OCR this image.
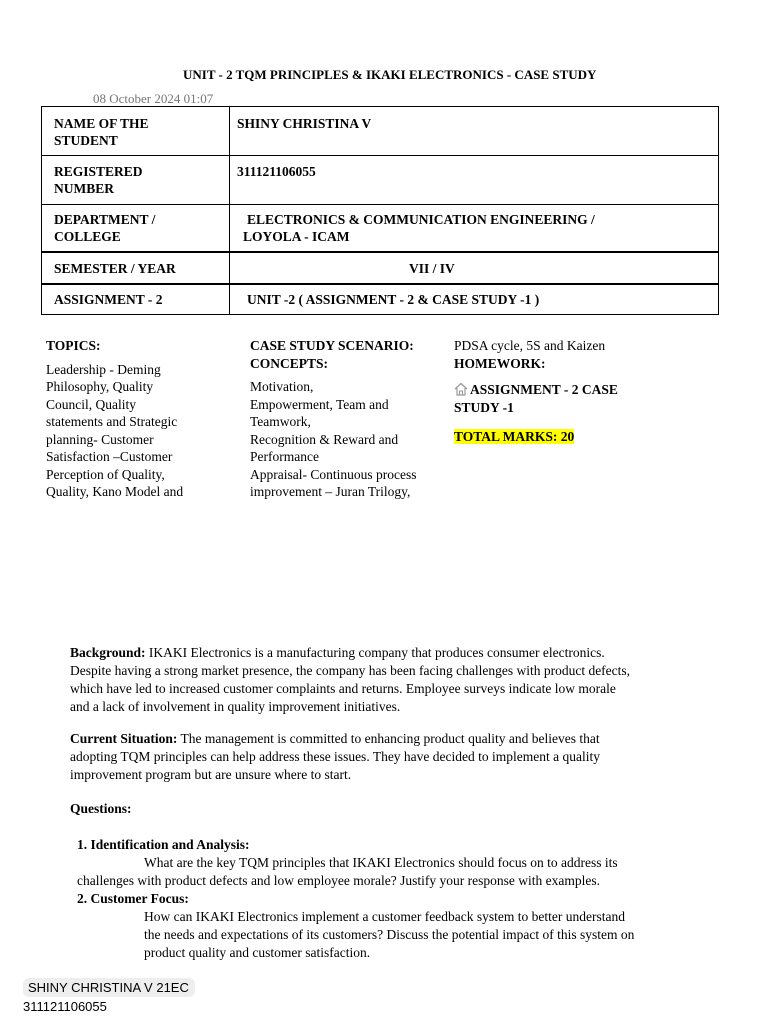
UNIT - 2 TQM PRINCIPLES & IKAKI ELECTRONICS - CASE STUDY
08 October 2024 01:07
NAME OF THE
STUDENT
SHINY CHRISTINA V
REGISTERED
NUMBER
311121106055
DEPARTMENT /
COLLEGE
ELECTRONICS & COMMUNICATION ENGINEERING /
LOYOLA - ICAM
SEMESTER / YEAR	VII / IV
ASSIGNMENT - 2	UNIT -2 ( ASSIGNMENT - 2 & CASE STUDY -1 )
TOPICS:
Leadership - Deming
Philosophy, Quality
Council, Quality
statements and Strategic
planning- Customer
Satisfaction –Customer
Perception of Quality,
Quality, Kano Model and
CASE STUDY SCENARIO:
CONCEPTS:
Motivation,
Empowerment, Team and
Teamwork,
Recognition & Reward and
Performance
Appraisal- Continuous process
improvement – Juran Trilogy,
PDSA cycle, 5S and Kaizen
HOMEWORK:
ASSIGNMENT - 2 CASE
STUDY -1
TOTAL MARKS: 20
Background: IKAKI Electronics is a manufacturing company that produces consumer electronics.
Despite having a strong market presence, the company has been facing challenges with product defects,
which have led to increased customer complaints and returns. Employee surveys indicate low morale
and a lack of involvement in quality improvement initiatives.
Current Situation: The management is committed to enhancing product quality and believes that
adopting TQM principles can help address these issues. They have decided to implement a quality
improvement program but are unsure where to start.
Questions:
1. Identification and Analysis:
What are the key TQM principles that IKAKI Electronics should focus on to address its
challenges with product defects and low employee morale? Justify your response with examples.
2. Customer Focus:
How can IKAKI Electronics implement a customer feedback system to better understand
the needs and expectations of its customers? Discuss the potential impact of this system on
product quality and customer satisfaction.
SHINY CHRISTINA V 21EC
311121106055
